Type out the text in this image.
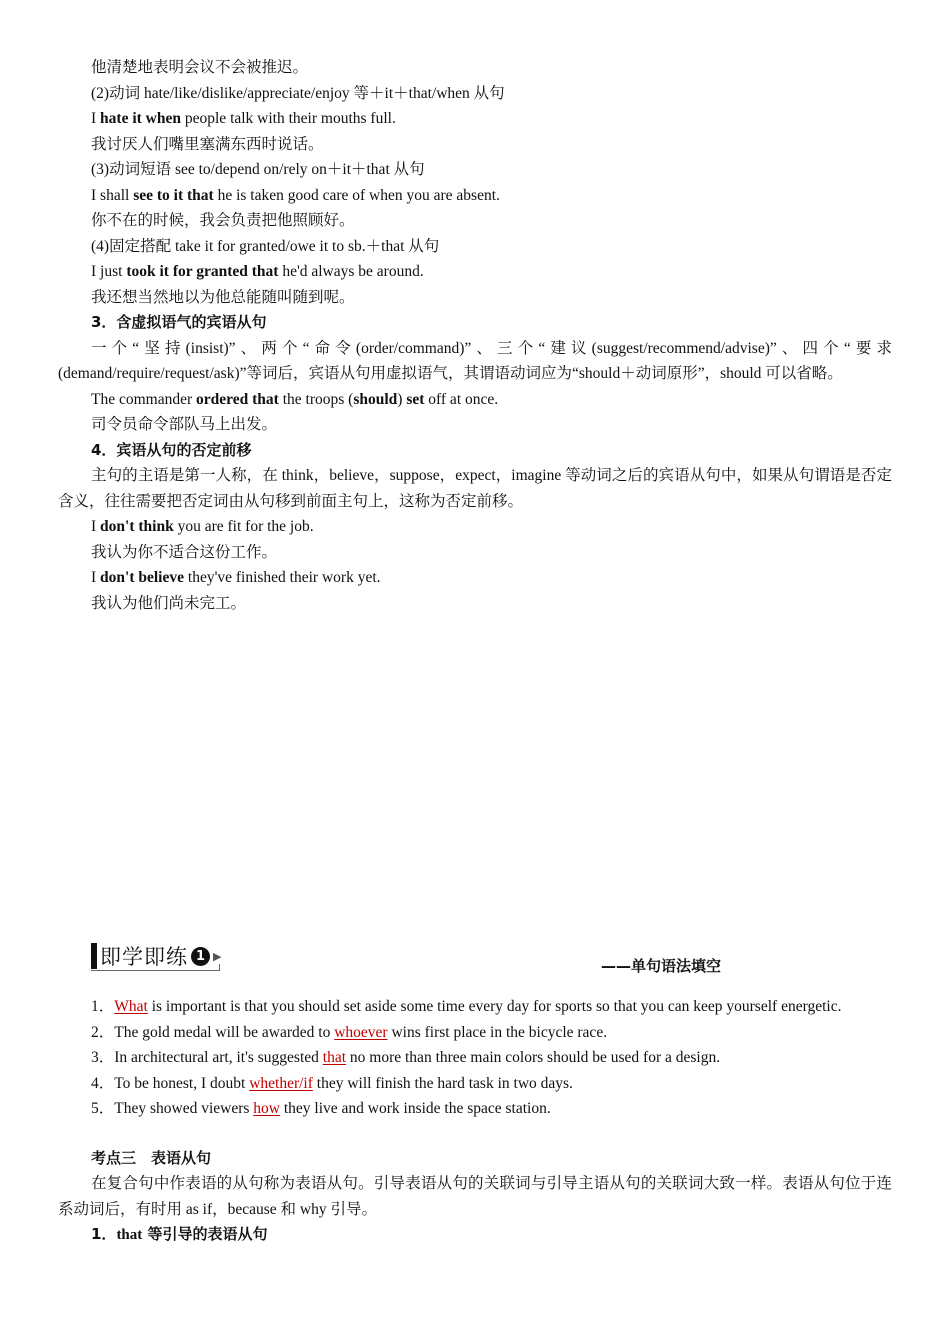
他清楚地表明会议不会被推迟。

(2)动词 hate/like/dislike/appreciate/enjoy 等＋it＋that/when 从句

I hate it when people talk with their mouths full.

我讨厌人们嘴里塞满东西时说话。

(3)动词短语 see to/depend on/rely on＋it＋that 从句

I shall see to it that he is taken good care of when you are absent.

你不在的时候，我会负责把他照顾好。

(4)固定搭配 take it for granted/owe it to sb.＋that 从句

I just took it for granted that he'd always be around.

我还想当然地以为他总能随叫随到呢。

3．含虚拟语气的宾语从句

一个“坚持(insist)”、两个“命令(order/command)”、三个“建议(suggest/recommend/advise)”、四个“要求(demand/require/request/ask)”等词后，宾语从句用虚拟语气，其谓语动词应为“should＋动词原形”，should 可以省略。

The commander ordered that the troops (should) set off at once.

司令员命令部队马上出发。

4．宾语从句的否定前移

主句的主语是第一人称，在 think，believe，suppose，expect，imagine 等动词之后的宾语从句中，如果从句谓语是否定含义，往往需要把否定词由从句移到前面主句上，这称为否定前移。

I don't think you are fit for the job.

我认为你不适合这份工作。

I don't believe they've finished their work yet.

我认为他们尚未完工。

即学即练 1 ▶
——单句语法填空

1．What is important is that you should set aside some time every day for sports so that you can keep yourself energetic.

2．The gold medal will be awarded to whoever wins first place in the bicycle race.

3．In architectural art, it's suggested that no more than three main colors should be used for a design.

4．To be honest, I doubt whether/if they will finish the hard task in two days.

5．They showed viewers how they live and work inside the space station.

考点三　表语从句

在复合句中作表语的从句称为表语从句。引导表语从句的关联词与引导主语从句的关联词大致一样。表语从句位于连系动词后，有时用 as if，because 和 why 引导。

1．that 等引导的表语从句
